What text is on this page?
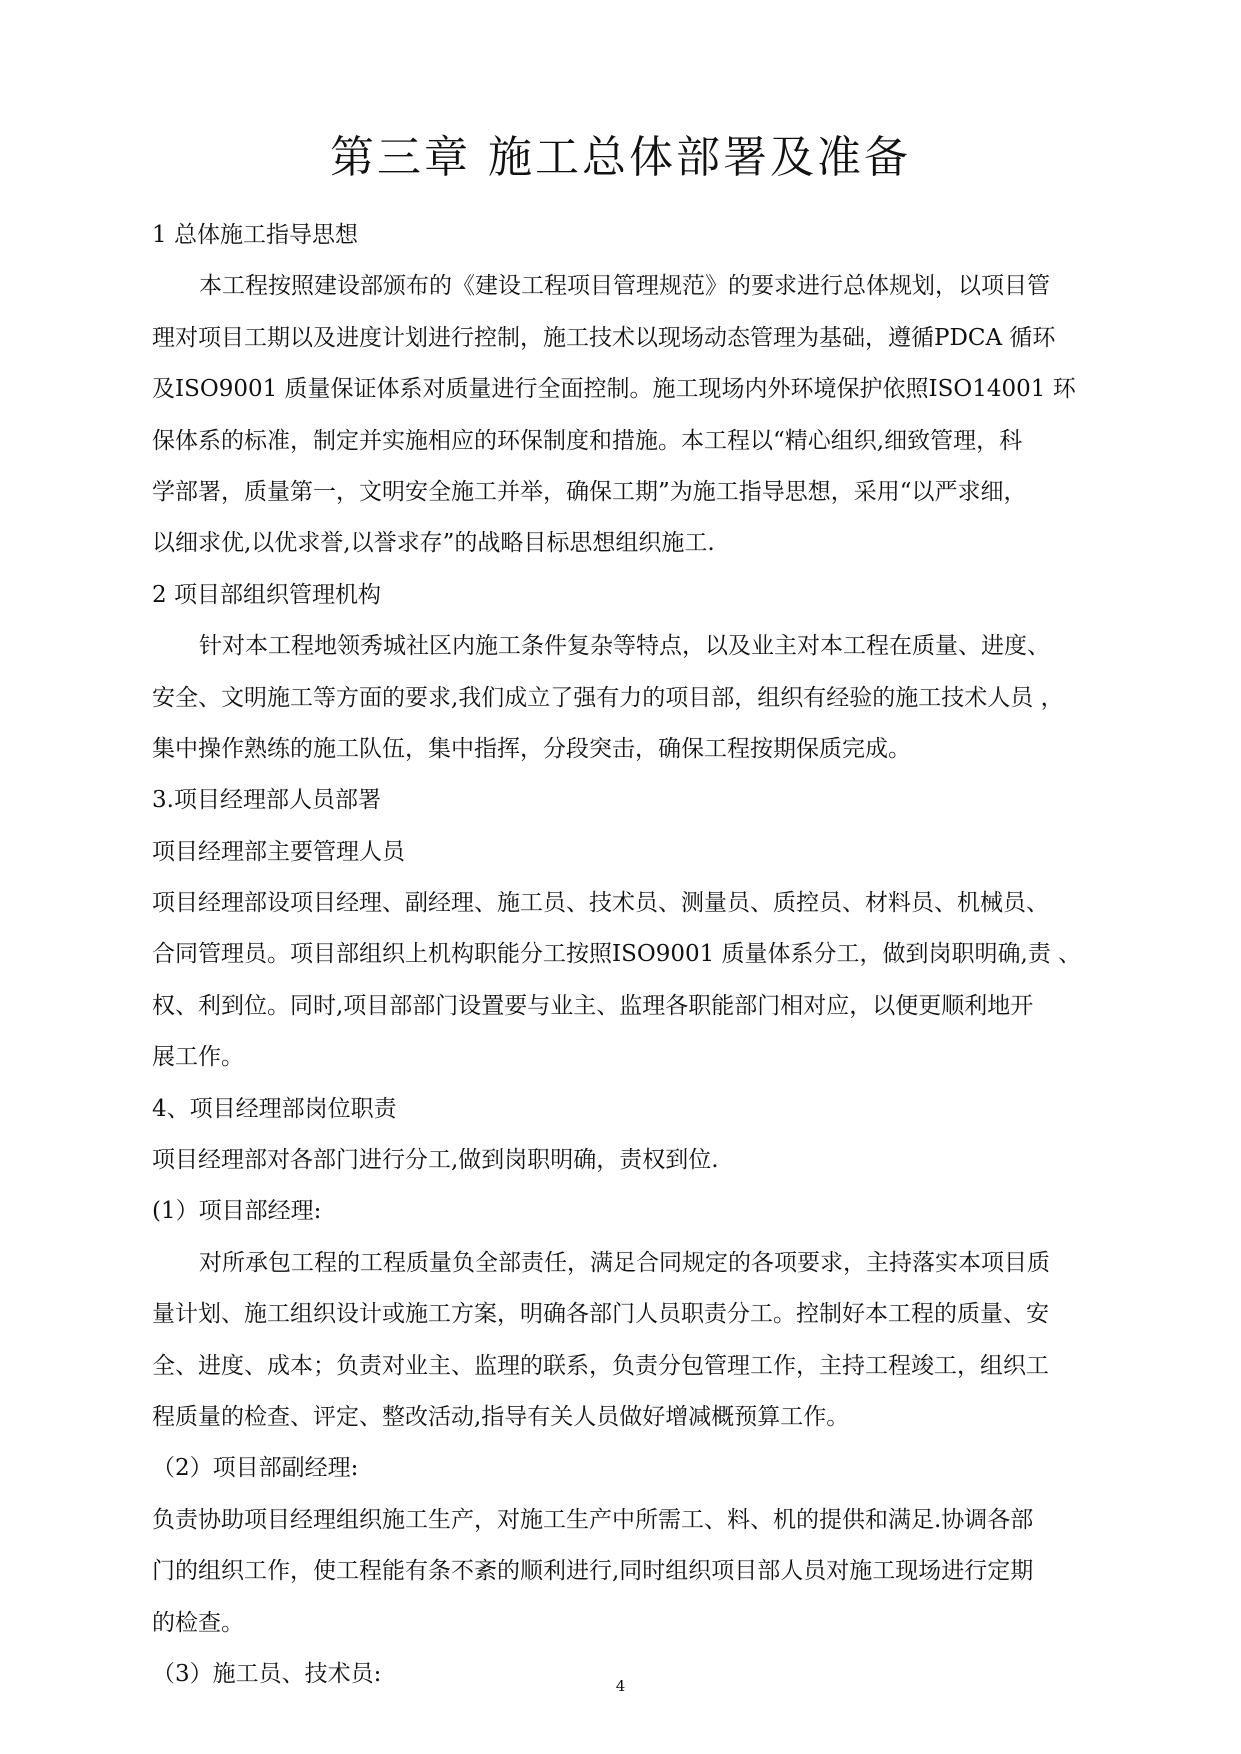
第三章 施工总体部署及准备
1 总体施工指导思想
本工程按照建设部颁布的《建设工程项目管理规范》的要求进行总体规划，以项目管
理对项目工期以及进度计划进行控制，施工技术以现场动态管理为基础，遵循PDCA 循环
及ISO9001 质量保证体系对质量进行全面控制。施工现场内外环境保护依照ISO14001 环
保体系的标准，制定并实施相应的环保制度和措施。本工程以“精心组织,细致管理，科
学部署，质量第一，文明安全施工并举，确保工期”为施工指导思想，采用“以严求细，
以细求优,以优求誉,以誉求存”的战略目标思想组织施工.
2 项目部组织管理机构
针对本工程地领秀城社区内施工条件复杂等特点，以及业主对本工程在质量、进度、
安全、文明施工等方面的要求,我们成立了强有力的项目部，组织有经验的施工技术人员 ，
集中操作熟练的施工队伍，集中指挥，分段突击，确保工程按期保质完成。
3.项目经理部人员部署
项目经理部主要管理人员
项目经理部设项目经理、副经理、施工员、技术员、测量员、质控员、材料员、机械员、
合同管理员。项目部组织上机构职能分工按照ISO9001 质量体系分工，做到岗职明确,责 、
权、利到位。同时,项目部部门设置要与业主、监理各职能部门相对应，以便更顺利地开
展工作。
4、项目经理部岗位职责
项目经理部对各部门进行分工,做到岗职明确，责权到位.
(1）项目部经理:
对所承包工程的工程质量负全部责任，满足合同规定的各项要求，主持落实本项目质
量计划、施工组织设计或施工方案，明确各部门人员职责分工。控制好本工程的质量、安
全、进度、成本；负责对业主、监理的联系，负责分包管理工作，主持工程竣工，组织工
程质量的检查、评定、整改活动,指导有关人员做好增减概预算工作。
（2）项目部副经理:
负责协助项目经理组织施工生产，对施工生产中所需工、料、机的提供和满足.协调各部
门的组织工作，使工程能有条不紊的顺利进行,同时组织项目部人员对施工现场进行定期
的检查。
（3）施工员、技术员:	4
